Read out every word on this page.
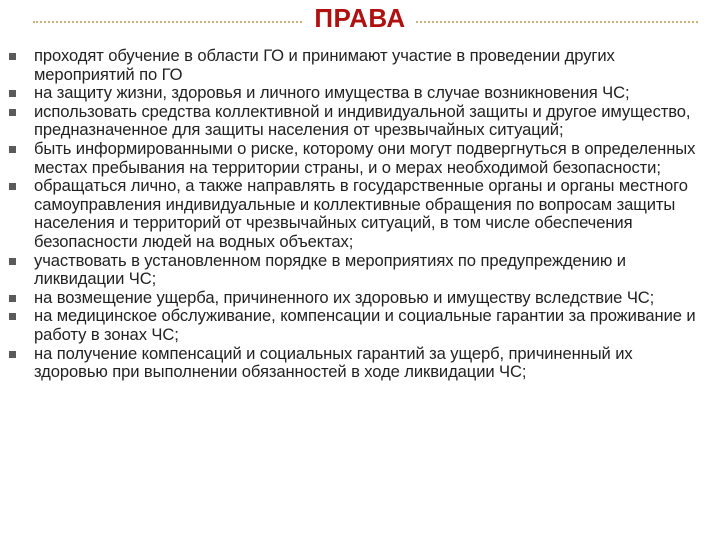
ПРАВА
проходят обучение в области ГО и принимают участие в проведении других мероприятий по ГО
на защиту жизни, здоровья и личного имущества в случае возникновения ЧС;
использовать средства коллективной и индивидуальной защиты и другое имущество, предназначенное для защиты населения от чрезвычайных ситуаций;
быть информированными о риске, которому они могут подвергнуться в определенных местах пребывания на территории страны, и о мерах необходимой безопасности;
обращаться лично, а также направлять в государственные органы и органы местного самоуправления индивидуальные и коллективные обращения по вопросам защиты населения и территорий от чрезвычайных ситуаций, в том числе обеспечения безопасности людей на водных объектах;
участвовать в установленном порядке в мероприятиях по предупреждению и ликвидации ЧС;
на возмещение ущерба, причиненного их здоровью и имуществу вследствие ЧС;
на медицинское обслуживание, компенсации и социальные гарантии за проживание и работу в зонах ЧС;
на получение компенсаций и социальных гарантий за ущерб, причиненный их здоровью при выполнении обязанностей в ходе ликвидации ЧС;
